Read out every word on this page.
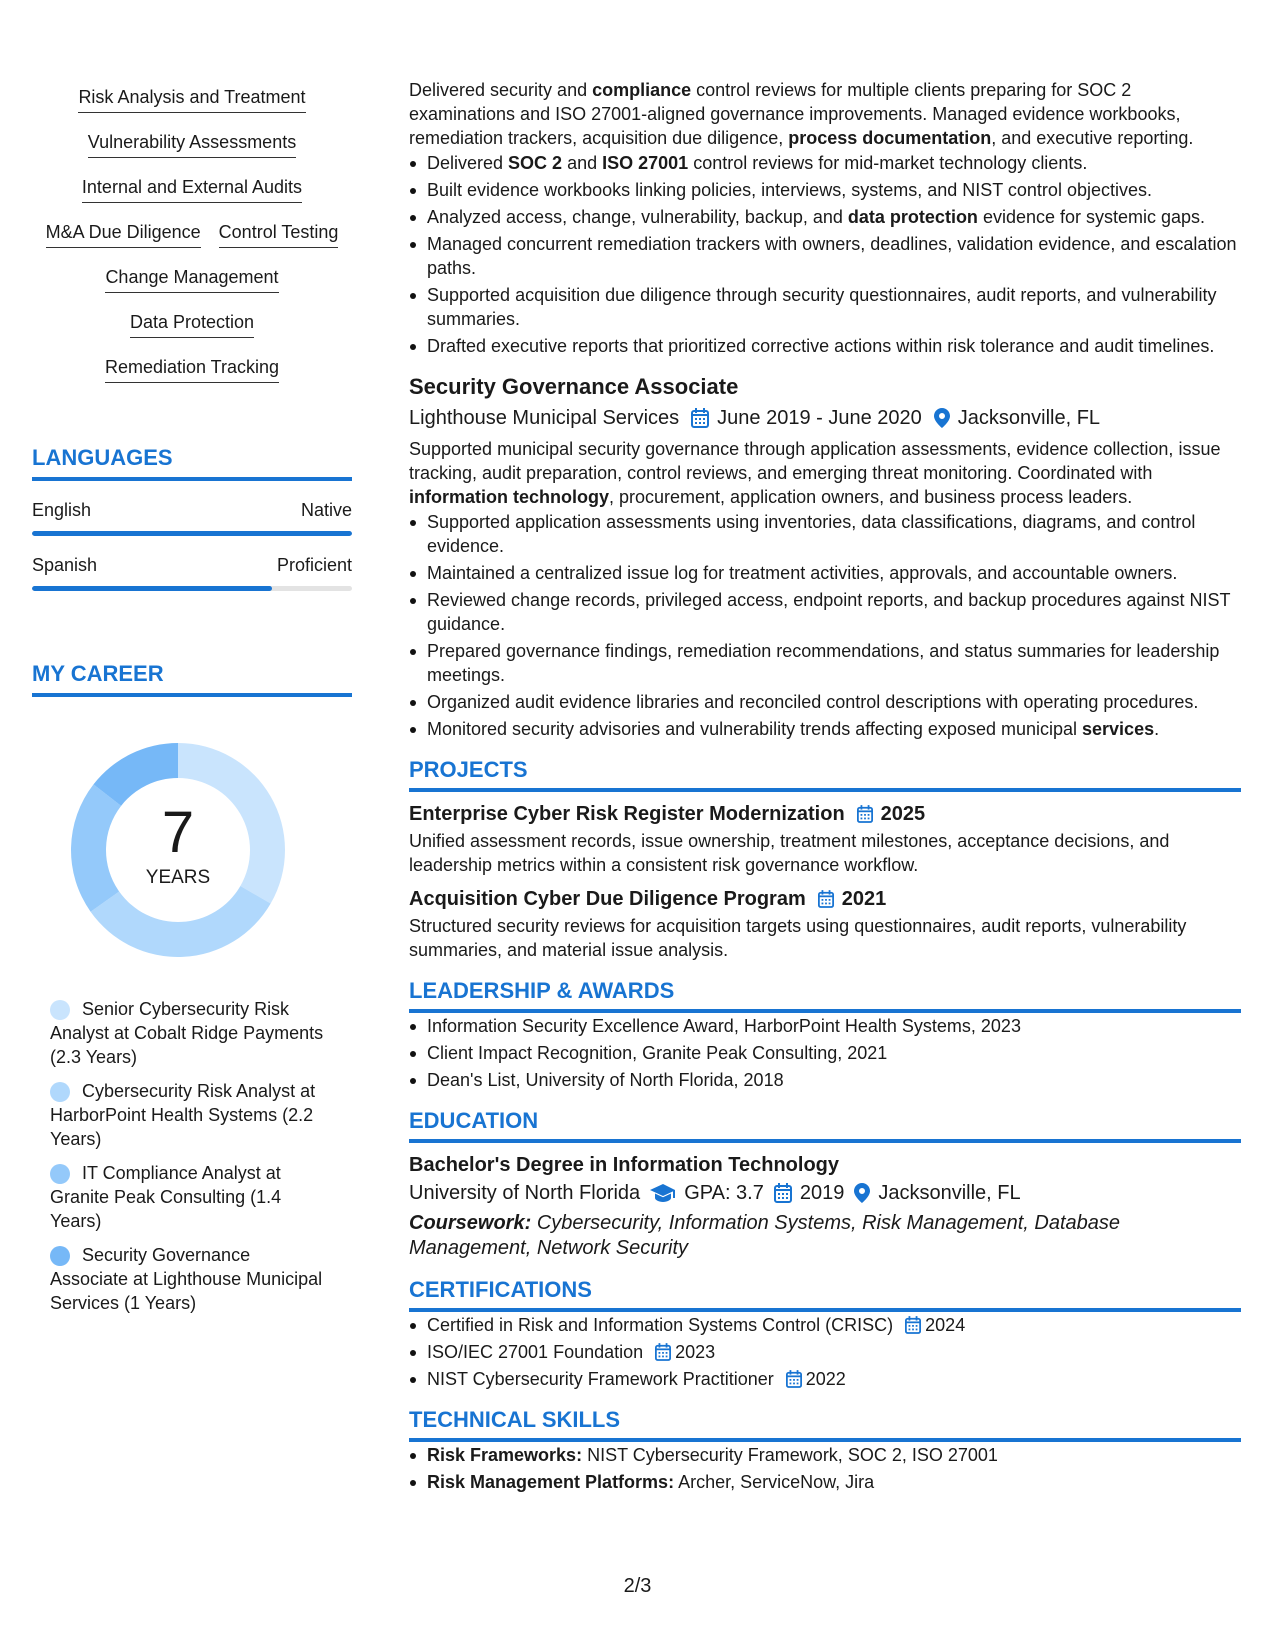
Risk Analysis and Treatment
Vulnerability Assessments
Internal and External Audits
M&A Due Diligence Control Testing
Change Management
Data Protection
Remediation Tracking
LANGUAGES
English	Native
Spanish	Proficient
MY CAREER
7
YEARS
Senior Cybersecurity Risk Analyst at Cobalt Ridge Payments (2.3 Years)
Cybersecurity Risk Analyst at HarborPoint Health Systems (2.2 Years)
IT Compliance Analyst at Granite Peak Consulting (1.4 Years)
Security Governance Associate at Lighthouse Municipal Services (1 Years)

Delivered security and compliance control reviews for multiple clients preparing for SOC 2 examinations and ISO 27001-aligned governance improvements. Managed evidence workbooks, remediation trackers, acquisition due diligence, process documentation, and executive reporting.

Delivered SOC 2 and ISO 27001 control reviews for mid-market technology clients.
Built evidence workbooks linking policies, interviews, systems, and NIST control objectives.
Analyzed access, change, vulnerability, backup, and data protection evidence for systemic gaps.
Managed concurrent remediation trackers with owners, deadlines, validation evidence, and escalation paths.
Supported acquisition due diligence through security questionnaires, audit reports, and vulnerability summaries.
Drafted executive reports that prioritized corrective actions within risk tolerance and audit timelines.
Security Governance Associate
Lighthouse Municipal Services June 2019 - June 2020 Jacksonville, FL

Supported municipal security governance through application assessments, evidence collection, issue tracking, audit preparation, control reviews, and emerging threat monitoring. Coordinated with information technology, procurement, application owners, and business process leaders.

Supported application assessments using inventories, data classifications, diagrams, and control evidence.
Maintained a centralized issue log for treatment activities, approvals, and accountable owners.
Reviewed change records, privileged access, endpoint reports, and backup procedures against NIST guidance.
Prepared governance findings, remediation recommendations, and status summaries for leadership meetings.
Organized audit evidence libraries and reconciled control descriptions with operating procedures.
Monitored security advisories and vulnerability trends affecting exposed municipal services.
PROJECTS
Enterprise Cyber Risk Register Modernization 2025

Unified assessment records, issue ownership, treatment milestones, acceptance decisions, and leadership metrics within a consistent risk governance workflow.

Acquisition Cyber Due Diligence Program 2021

Structured security reviews for acquisition targets using questionnaires, audit reports, vulnerability summaries, and material issue analysis.

LEADERSHIP & AWARDS
Information Security Excellence Award, HarborPoint Health Systems, 2023
Client Impact Recognition, Granite Peak Consulting, 2021
Dean's List, University of North Florida, 2018
EDUCATION
Bachelor's Degree in Information Technology
University of North Florida GPA: 3.7 2019 Jacksonville, FL
Coursework: Cybersecurity, Information Systems, Risk Management, Database Management, Network Security
CERTIFICATIONS
Certified in Risk and Information Systems Control (CRISC) 2024
ISO/IEC 27001 Foundation 2023
NIST Cybersecurity Framework Practitioner 2022
TECHNICAL SKILLS
Risk Frameworks: NIST Cybersecurity Framework, SOC 2, ISO 27001
Risk Management Platforms: Archer, ServiceNow, Jira
2/3
